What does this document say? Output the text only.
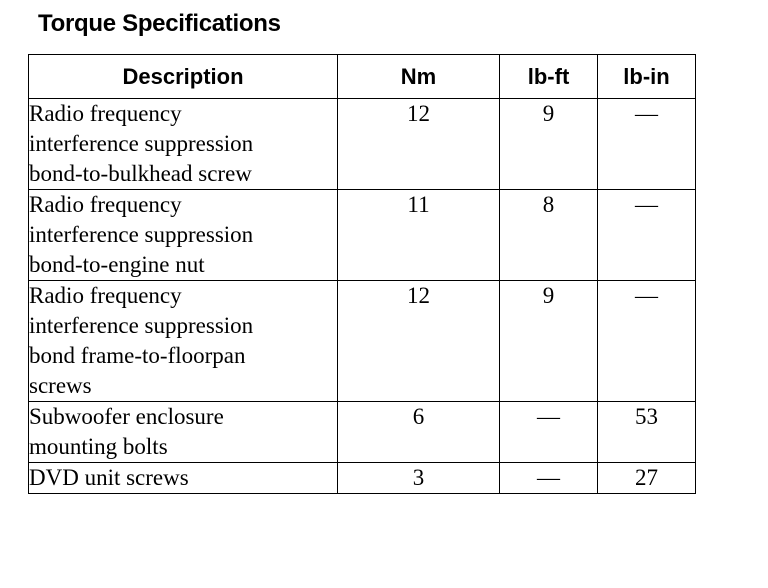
Torque Specifications
Description	Nm	lb-ft	lb-in
Radio frequency
interference suppression
bond-to-bulkhead screw	12	9	—
Radio frequency
interference suppression
bond-to-engine nut	11	8	—
Radio frequency
interference suppression
bond frame-to-floorpan
screws	12	9	—
Subwoofer enclosure
mounting bolts	6	—	53
DVD unit screws	3	—	27
